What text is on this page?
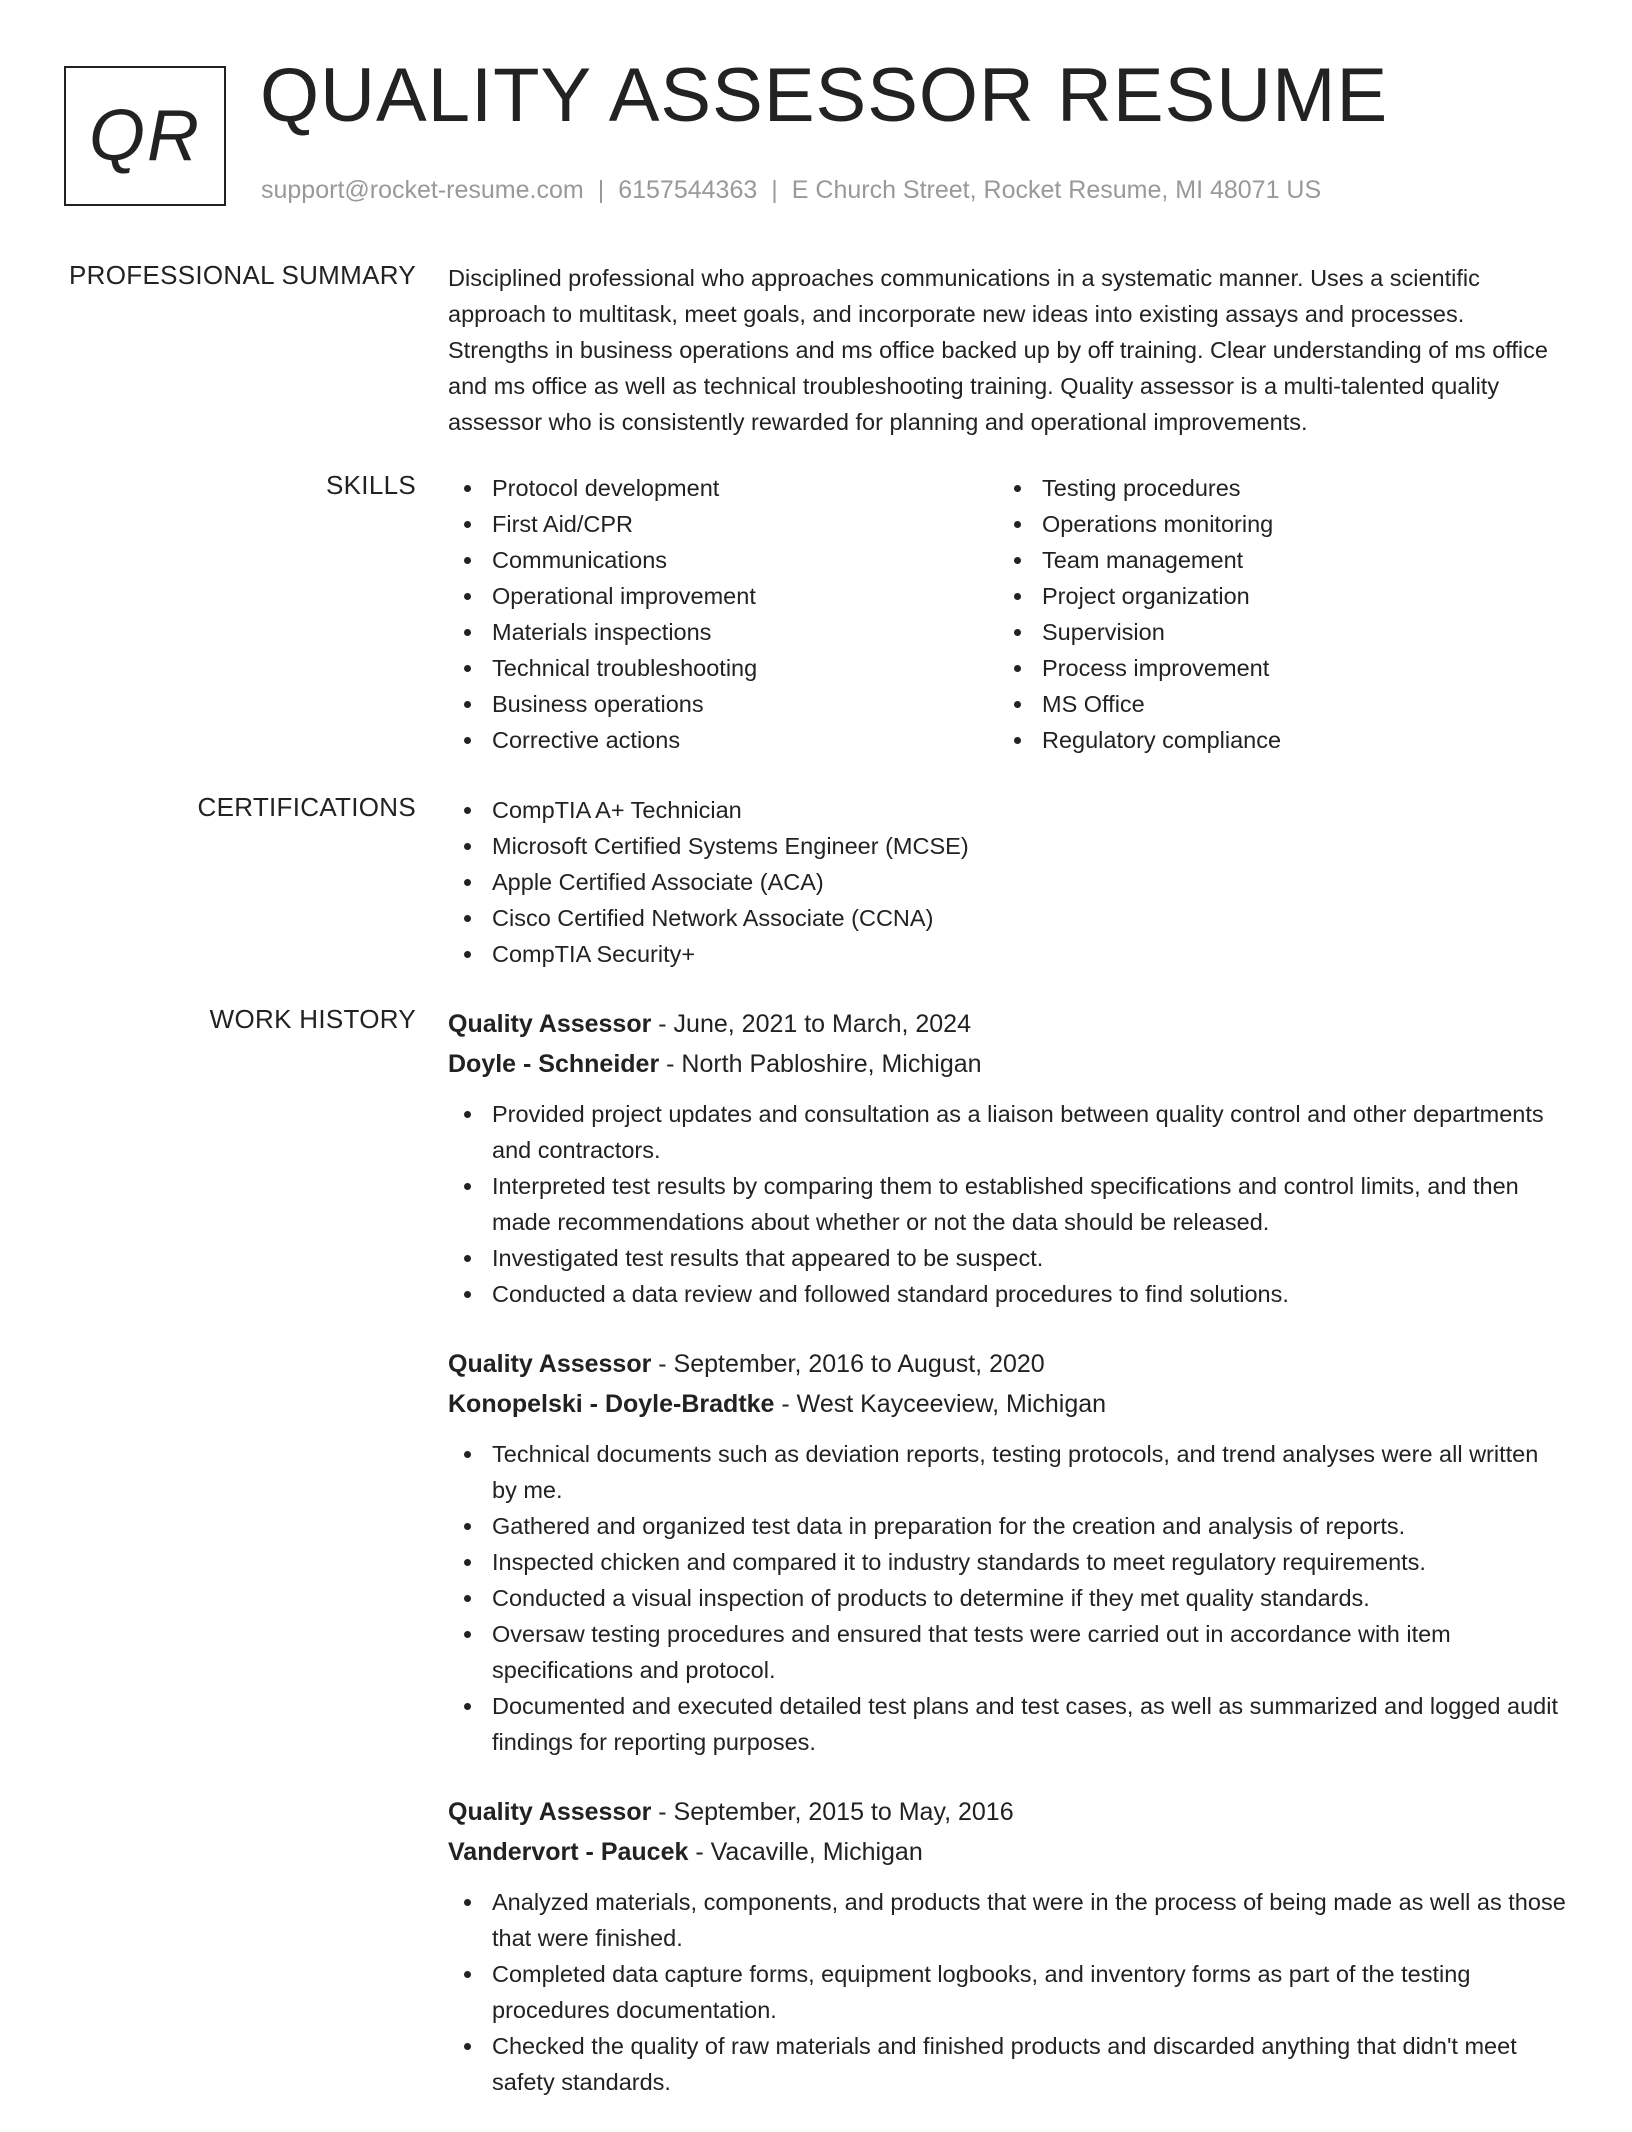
QR QUALITY ASSESSOR RESUME
support@rocket-resume.com | 6157544363 | E Church Street, Rocket Resume, MI 48071 US
PROFESSIONAL SUMMARY Disciplined professional who approaches communications in a systematic manner. Uses a scientific approach to multitask, meet goals, and incorporate new ideas into existing assays and processes. Strengths in business operations and ms office backed up by off training. Clear understanding of ms office and ms office as well as technical troubleshooting training. Quality assessor is a multi-talented quality assessor who is consistently rewarded for planning and operational improvements.

SKILLS	Protocol development
First Aid/CPR
Communications
Operational improvement
Materials inspections
Technical troubleshooting
Business operations
Corrective actions
Testing procedures
Operations monitoring
Team management
Project organization
Supervision
Process improvement
MS Office
Regulatory compliance
CERTIFICATIONS	CompTIA A+ Technician
Microsoft Certified Systems Engineer (MCSE)
Apple Certified Associate (ACA)
Cisco Certified Network Associate (CCNA)
CompTIA Security+
WORK HISTORY Quality Assessor - June, 2021 to March, 2024
Doyle - Schneider - North Pabloshire, Michigan
Provided project updates and consultation as a liaison between quality control and other departments and contractors.
Interpreted test results by comparing them to established specifications and control limits, and then made recommendations about whether or not the data should be released.
Investigated test results that appeared to be suspect.
Conducted a data review and followed standard procedures to find solutions.
Quality Assessor - September, 2016 to August, 2020
Konopelski - Doyle-Bradtke - West Kayceeview, Michigan
Technical documents such as deviation reports, testing protocols, and trend analyses were all written by me.
Gathered and organized test data in preparation for the creation and analysis of reports.
Inspected chicken and compared it to industry standards to meet regulatory requirements.
Conducted a visual inspection of products to determine if they met quality standards.
Oversaw testing procedures and ensured that tests were carried out in accordance with item specifications and protocol.
Documented and executed detailed test plans and test cases, as well as summarized and logged audit findings for reporting purposes.
Quality Assessor - September, 2015 to May, 2016
Vandervort - Paucek - Vacaville, Michigan
Analyzed materials, components, and products that were in the process of being made as well as those that were finished.
Completed data capture forms, equipment logbooks, and inventory forms as part of the testing procedures documentation.
Checked the quality of raw materials and finished products and discarded anything that didn't meet safety standards.
